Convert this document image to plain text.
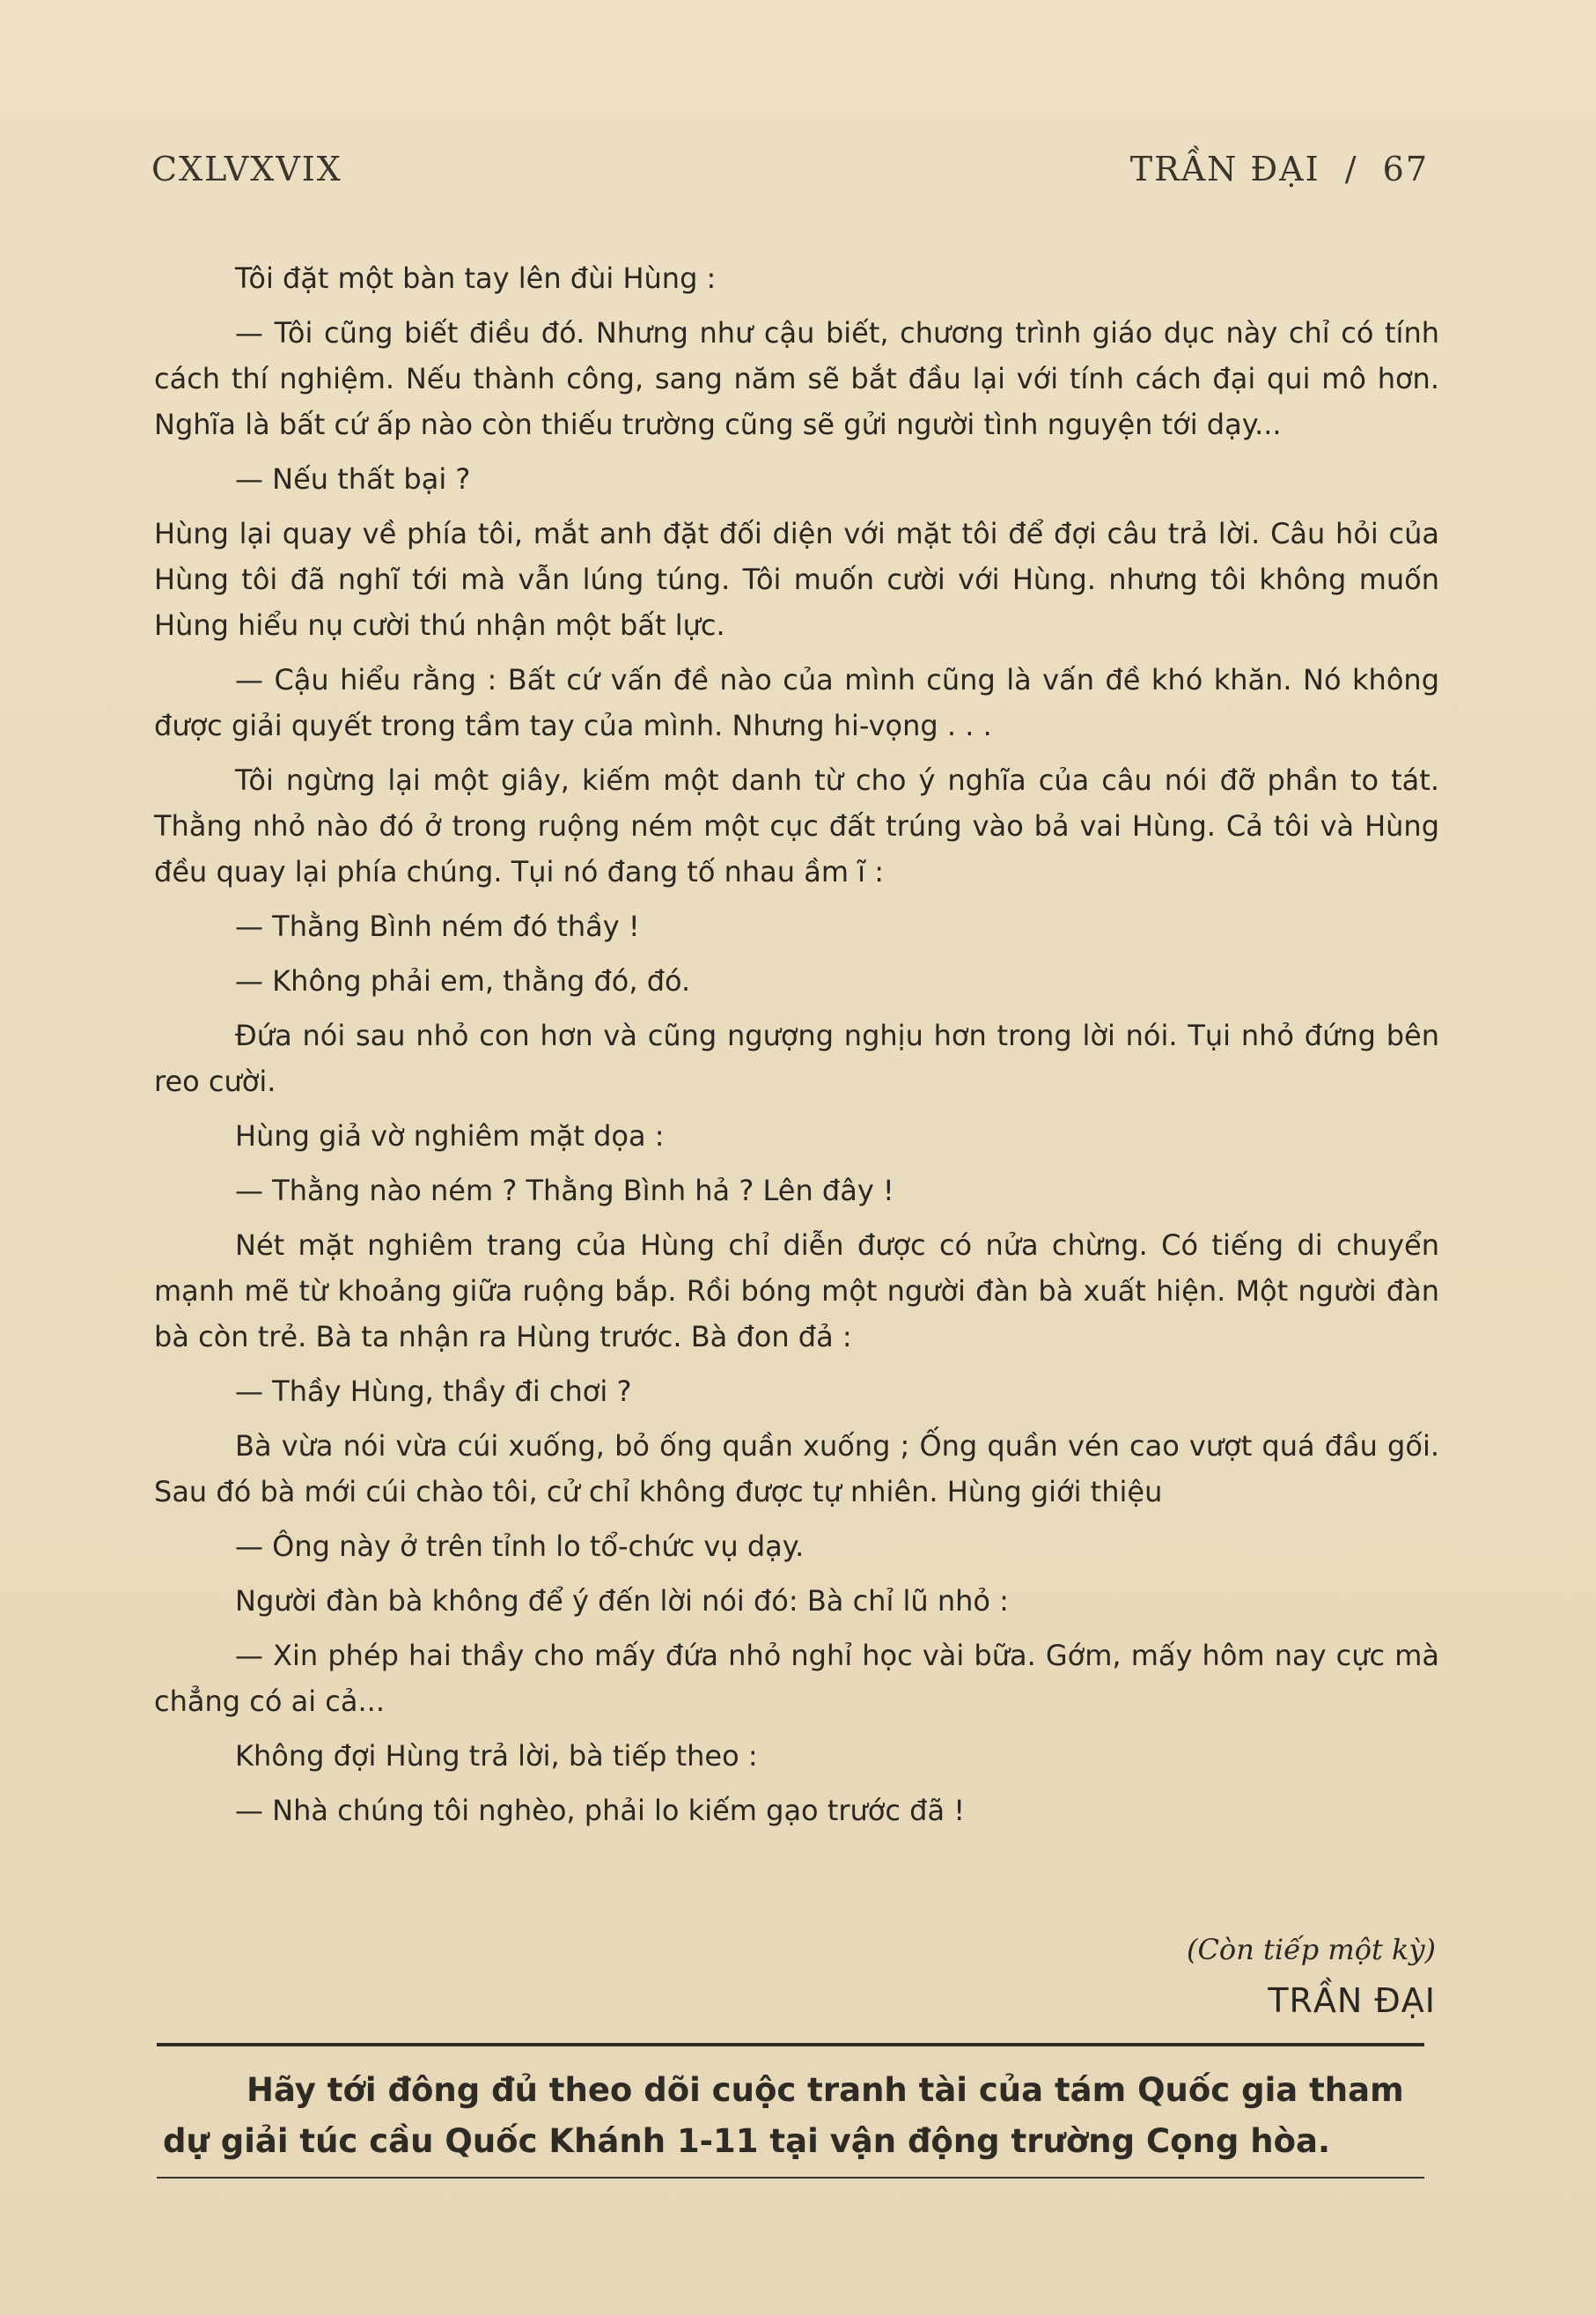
CXLVXVIX	TRẦN ĐẠI / 67

Tôi đặt một bàn tay lên đùi Hùng :

— Tôi cũng biết điều đó. Nhưng như cậu biết, chương trình giáo dục này chỉ có tính cách thí nghiệm. Nếu thành công, sang năm sẽ bắt đầu lại với tính cách đại qui mô hơn. Nghĩa là bất cứ ấp nào còn thiếu trường cũng sẽ gửi người tình nguyện tới dạy...

— Nếu thất bại ?

Hùng lại quay về phía tôi, mắt anh đặt đối diện với mặt tôi để đợi câu trả lời. Câu hỏi của Hùng tôi đã nghĩ tới mà vẫn lúng túng. Tôi muốn cười với Hùng. nhưng tôi không muốn Hùng hiểu nụ cười thú nhận một bất lực.

— Cậu hiểu rằng : Bất cứ vấn đề nào của mình cũng là vấn đề khó khăn. Nó không được giải quyết trong tầm tay của mình. Nhưng hi-vọng . . .

Tôi ngừng lại một giây, kiếm một danh từ cho ý nghĩa của câu nói đỡ phần to tát. Thằng nhỏ nào đó ở trong ruộng ném một cục đất trúng vào bả vai Hùng. Cả tôi và Hùng đều quay lại phía chúng. Tụi nó đang tố nhau ầm ĩ :

— Thằng Bình ném đó thầy !

— Không phải em, thằng đó, đó.

Đứa nói sau nhỏ con hơn và cũng ngượng nghịu hơn trong lời nói. Tụi nhỏ đứng bên reo cười.

Hùng giả vờ nghiêm mặt dọa :

— Thằng nào ném ? Thằng Bình hả ? Lên đây !

Nét mặt nghiêm trang của Hùng chỉ diễn được có nửa chừng. Có tiếng di chuyển mạnh mẽ từ khoảng giữa ruộng bắp. Rồi bóng một người đàn bà xuất hiện. Một người đàn bà còn trẻ. Bà ta nhận ra Hùng trước. Bà đon đả :

— Thầy Hùng, thầy đi chơi ?

Bà vừa nói vừa cúi xuống, bỏ ống quần xuống ; Ống quần vén cao vượt quá đầu gối. Sau đó bà mới cúi chào tôi, cử chỉ không được tự nhiên. Hùng giới thiệu

— Ông này ở trên tỉnh lo tổ-chức vụ dạy.

Người đàn bà không để ý đến lời nói đó: Bà chỉ lũ nhỏ :

— Xin phép hai thầy cho mấy đứa nhỏ nghỉ học vài bữa. Gớm, mấy hôm nay cực mà chẳng có ai cả...

Không đợi Hùng trả lời, bà tiếp theo :

— Nhà chúng tôi nghèo, phải lo kiếm gạo trước đã !

(Còn tiếp một kỳ)
TRẦN ĐẠI
Hãy tới đông đủ theo dõi cuộc tranh tài của tám Quốc gia tham
dự giải túc cầu Quốc Khánh 1-11 tại vận động trường Cọng hòa.
